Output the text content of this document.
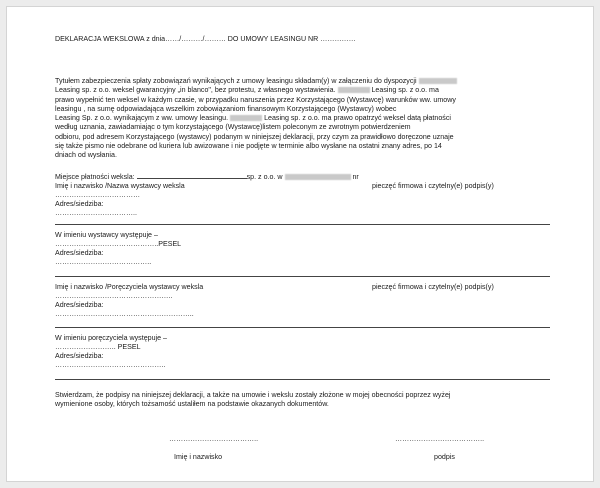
DEKLARACJA WEKSLOWA z dnia……/………/……… DO UMOWY LEASINGU NR ……………
Tytułem zabezpieczenia spłaty zobowiązań wynikających z umowy leasingu składam(y) w załączeniu do dyspozycji
Leasing sp. z o.o. weksel gwarancyjny „in blanco", bez protestu, z własnego wystawienia.	Leasing sp. z o.o. ma
prawo wypełnić ten weksel w każdym czasie, w przypadku naruszenia przez Korzystającego (Wystawcę) warunków ww. umowy
leasingu , na sumę odpowiadająca wszelkim zobowiązaniom finansowym Korzystającego (Wystawcy) wobec
Leasing Sp. z o.o. wynikającym z ww. umowy leasingu.	Leasing sp. z o.o. ma prawo opatrzyć weksel datą płatności
według uznania, zawiadamiając o tym korzystającego (Wystawcę)listem poleconym ze zwrotnym potwierdzeniem
odbioru, pod adresem Korzystającego (wystawcy) podanym w niniejszej deklaracji, przy czym za prawidłowo doręczone uznaje
się także pismo nie odebrane od kuriera lub awizowane i nie podjęte w terminie albo wysłane na ostatni znany adres, po 14
dniach od wysłania.
Miejsce płatności weksla:	sp. z o.o. w	nr
Imię i nazwisko /Nazwa wystawcy weksla	pieczęć firmowa i czytelny(e) podpis(y)
………………………………
Adres/siedziba:
……………………………..
W imieniu wystawcy występuje –
……………………………………..PESEL
Adres/siedziba:
…………………………………..
Imię i nazwisko /Poręczyciela wystawcy weksla	pieczęć firmowa i czytelny(e) podpis(y)
…………………………………………..
Adres/siedziba:
…………………………………………………..
W imieniu poręczyciela występuje –
…………………….. PESEL
Adres/siedziba:
………………………………………..
Stwierdzam, że podpisy na niniejszej deklaracji, a także na umowie i wekslu zostały złożone w mojej obecności poprzez wyżej
wymienione osoby, których tożsamość ustaliłem na podstawie okazanych dokumentów.
………………………………..	………………………………..
Imię i nazwisko	podpis
